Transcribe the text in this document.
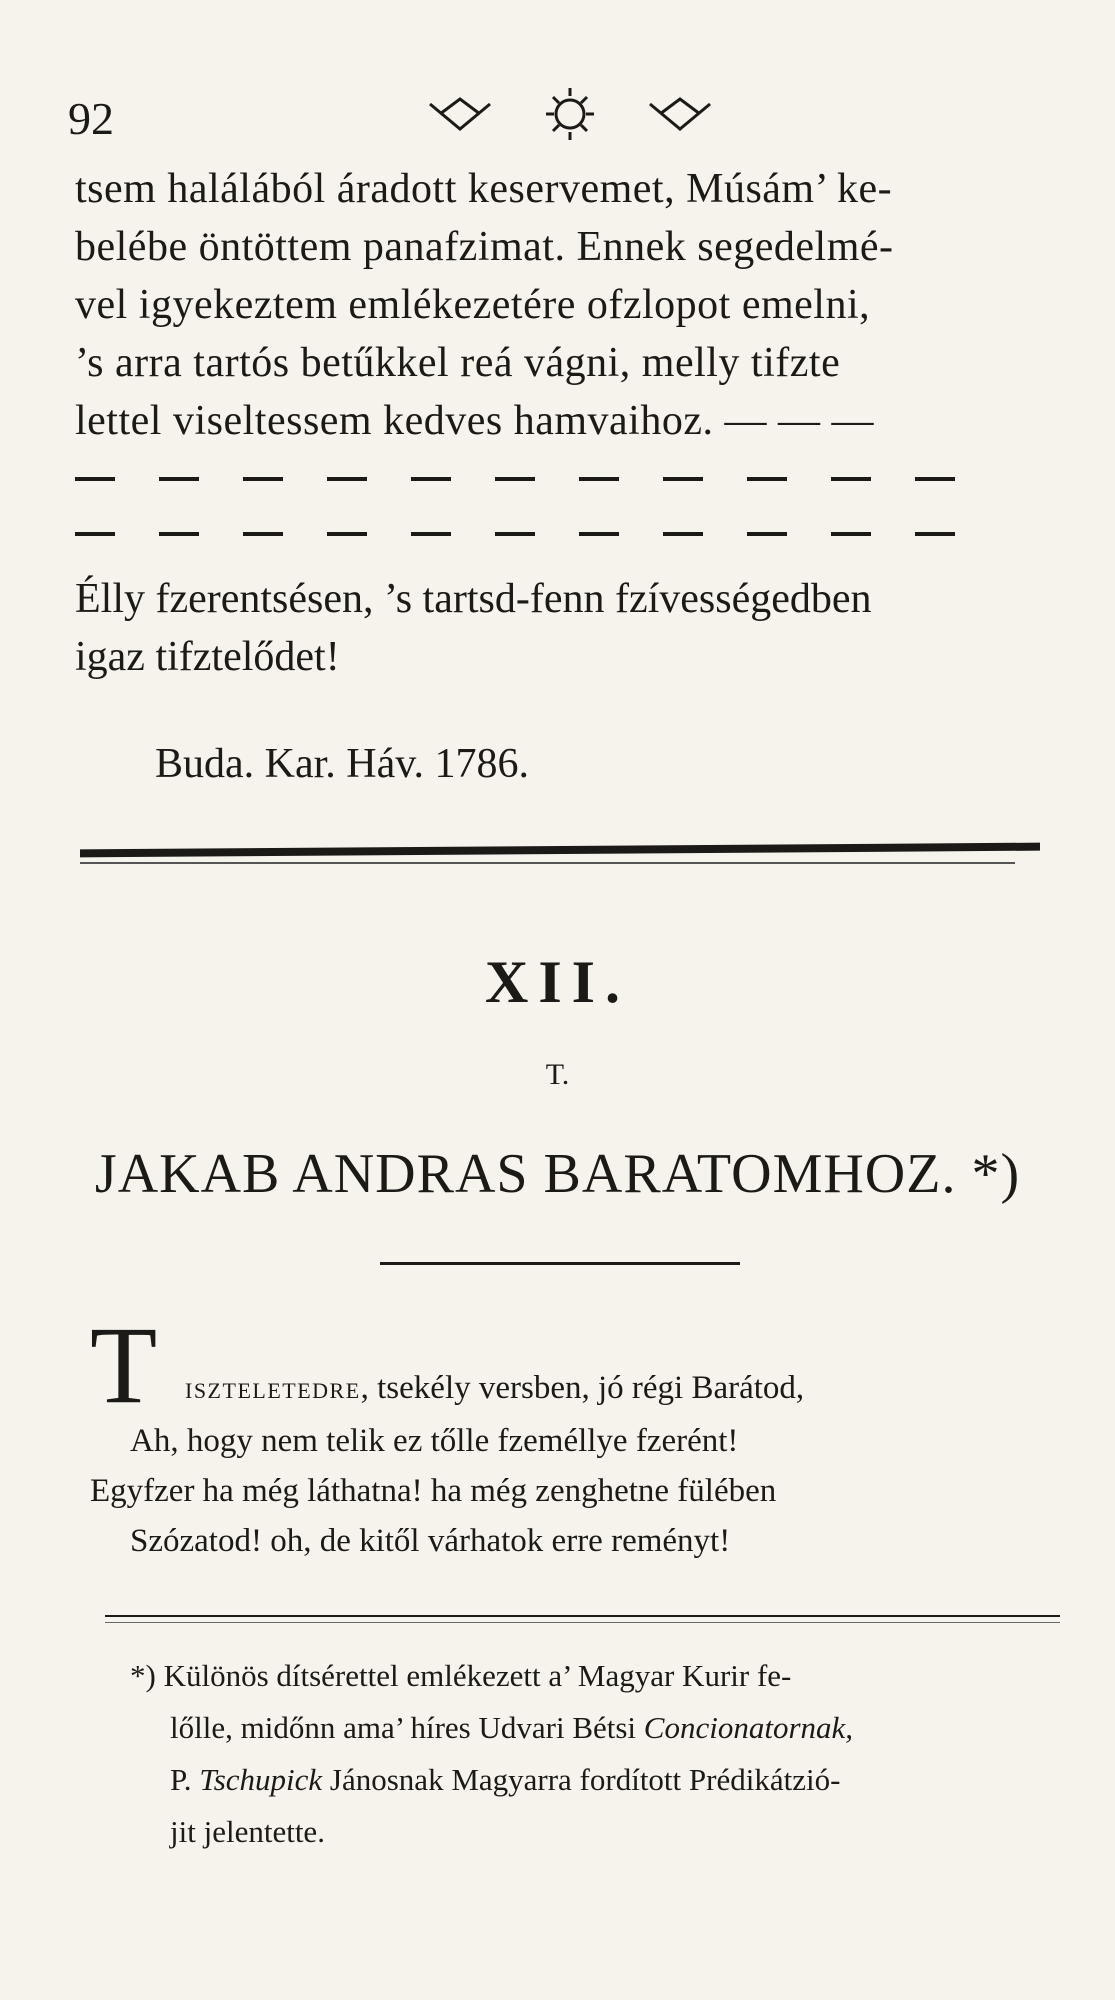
92
tsem halálából áradott keservemet, Músám’ ke-
belébe öntöttem panafzimat. Ennek segedelmé-
vel igyekeztem emlékezetére ofzlopot emelni,
’s arra tartós betűkkel reá vágni, melly tifzte
lettel viseltessem kedves hamvaihoz. — — —
Élly fzerentsésen, ’s tartsd-fenn fzívességedben
igaz tifztelődet!
Buda. Kar. Háv. 1786.
XII.
T.
JAKAB ANDRAS BARATOMHOZ. *)
T	ISZTELETEDRE, tsekély versben, jó régi Barátod,
Ah, hogy nem telik ez tőlle fzeméllye fzerént!
Egyfzer ha még láthatna! ha még zenghetne fülében
Szózatod! oh, de kitől várhatok erre reményt!
*) Különös dítsérettel emlékezett a’ Magyar Kurir fe-
lőlle, midőnn ama’ híres Udvari Bétsi Concionatornak,
P. Tschupick Jánosnak Magyarra fordított Prédikátzió-
jit jelentette.
